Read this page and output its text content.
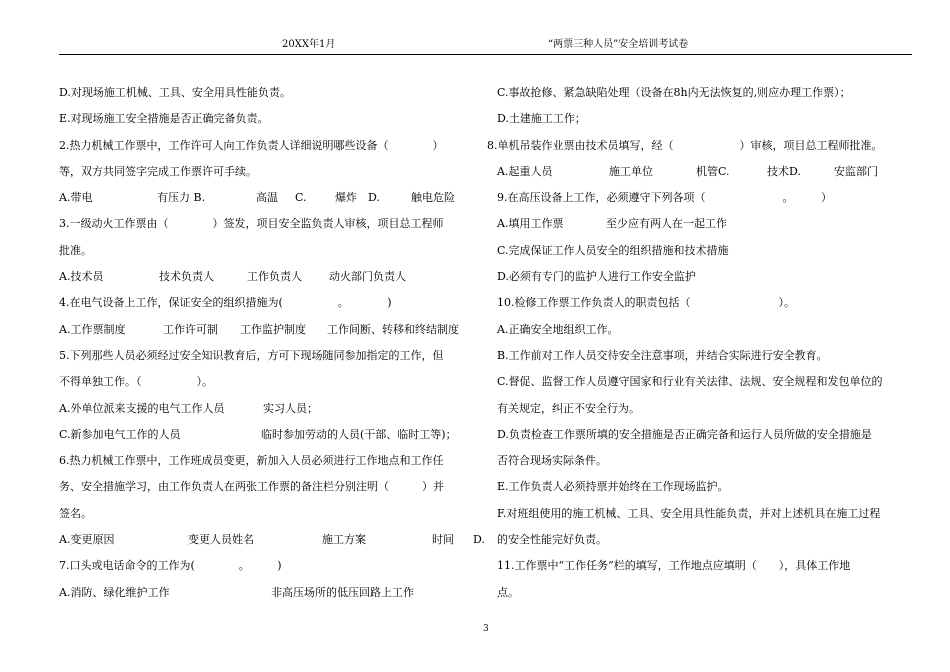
20XX年1月	“两票三种人员”安全培训考试卷
D.对现场施工机械、工具、安全用具性能负责。
E.对现场施工安全措施是否正确完备负责。
2.热力机械工作票中，工作许可人向工作负责人详细说明哪些设备（　　　　）
等，双方共同签字完成工作票许可手续。
A.带电	有压力 B.	高温 C.	爆炸 D.	触电危险
3.一级动火工作票由（　　　　）签发，项目安全监负责人审核，项目总工程师
批准。
A.技术员	技术负责人	工作负责人 动火部门负责人
4.在电气设备上工作，保证安全的组织措施为(　　　　　。　　　　)
A.工作票制度	工作许可制 工作监护制度 工作间断、转移和终结制度
5.下列那些人员必须经过安全知识教育后，方可下现场随同参加指定的工作，但
不得单独工作。（　　　　　）。
A.外单位派来支援的电气工作人员	实习人员；
C.新参加电气工作的人员	临时参加劳动的人员(干部、临时工等)；
6.热力机械工作票中，工作班成员变更，新加入人员必须进行工作地点和工作任
务、安全措施学习，由工作负责人在两张工作票的备注栏分别注明（　　　）并
签名。
A.变更原因	变更人员姓名	施工方案	时间 D.
7.口头或电话命令的工作为(　　　　。　　　)
A.消防、绿化维护工作	非高压场所的低压回路上工作
C.事故抢修、紧急缺陷处理（设备在8h内无法恢复的,则应办理工作票）；
D.土建施工工作；
8.单机吊装作业票由技术员填写，经（　　　　　　）审核，项目总工程师批准。
A.起重人员	施工单位	机管C.	技术D.	安监部门
9.在高压设备上工作，必须遵守下列各项（　　　　　　　。　　　）
A.填用工作票	至少应有两人在一起工作
C.完成保证工作人员安全的组织措施和技术措施
D.必须有专门的监护人进行工作安全监护
10.检修工作票工作负责人的职责包括（　　　　　　　　）。
A.正确安全地组织工作。
B.工作前对工作人员交待安全注意事项，并结合实际进行安全教育。
C.督促、监督工作人员遵守国家和行业有关法律、法规、安全规程和发包单位的
有关规定，纠正不安全行为。
D.负责检查工作票所填的安全措施是否正确完备和运行人员所做的安全措施是
否符合现场实际条件。
E.工作负责人必须持票并始终在工作现场监护。
F.对班组使用的施工机械、工具、安全用具性能负责，并对上述机具在施工过程
的安全性能完好负责。
11.工作票中“工作任务”栏的填写，工作地点应填明（　　），具体工作地
点。
3
